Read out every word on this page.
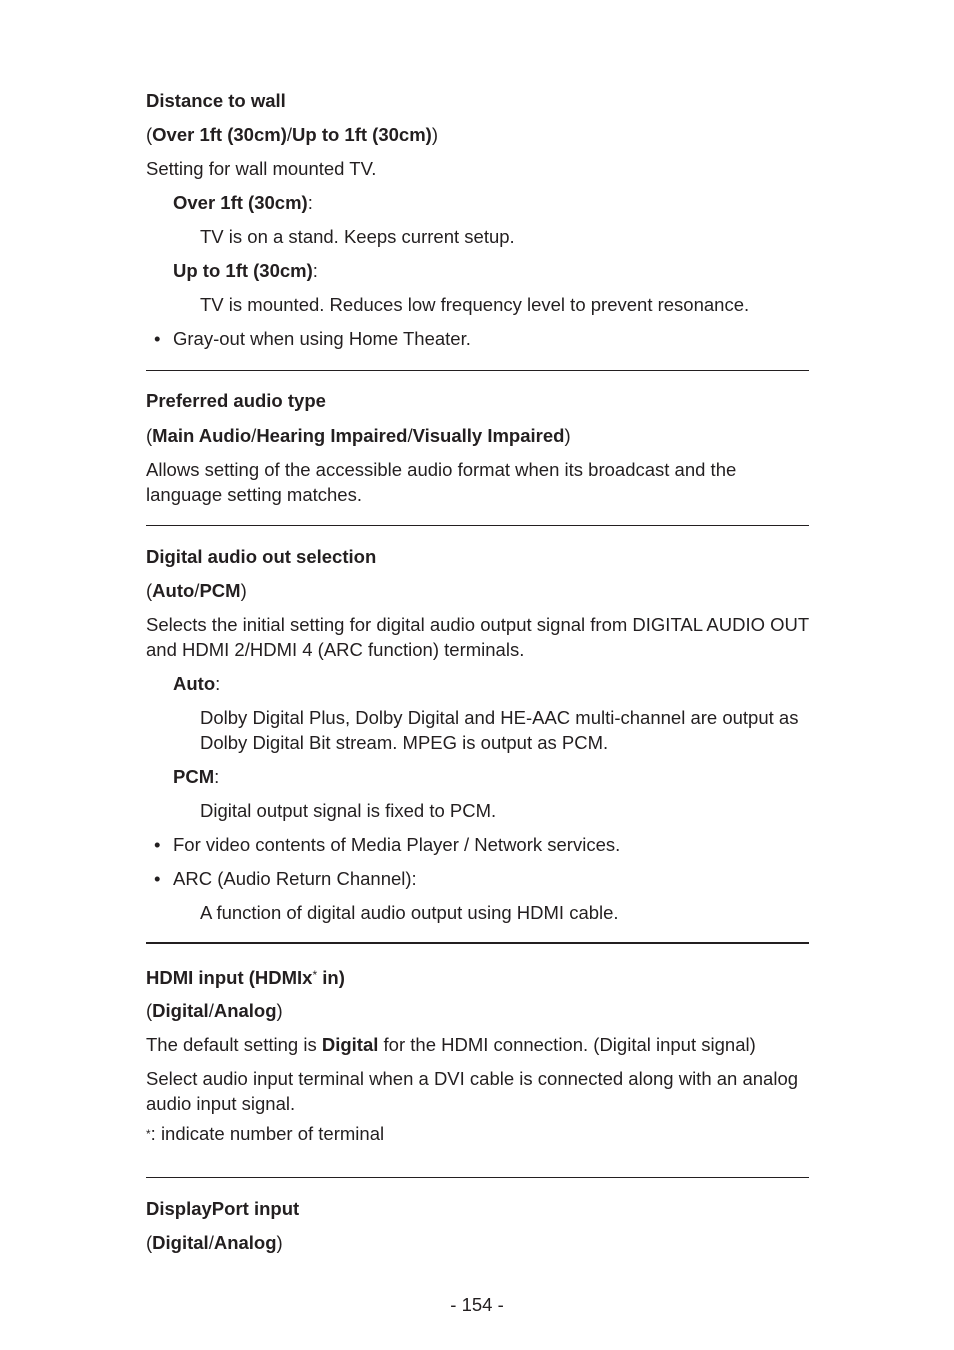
Distance to wall
(Over 1ft (30cm)/Up to 1ft (30cm))
Setting for wall mounted TV.
Over 1ft (30cm):
TV is on a stand. Keeps current setup.
Up to 1ft (30cm):
TV is mounted. Reduces low frequency level to prevent resonance.
• Gray-out when using Home Theater.
Preferred audio type
(Main Audio/Hearing Impaired/Visually Impaired)
Allows setting of the accessible audio format when its broadcast and the language setting matches.
Digital audio out selection
(Auto/PCM)
Selects the initial setting for digital audio output signal from DIGITAL AUDIO OUT and HDMI 2/HDMI 4 (ARC function) terminals.
Auto:
Dolby Digital Plus, Dolby Digital and HE-AAC multi-channel are output as Dolby Digital Bit stream. MPEG is output as PCM.
PCM:
Digital output signal is fixed to PCM.
• For video contents of Media Player / Network services.
• ARC (Audio Return Channel):
A function of digital audio output using HDMI cable.
HDMI input (HDMIx* in)
(Digital/Analog)
The default setting is Digital for the HDMI connection. (Digital input signal)
Select audio input terminal when a DVI cable is connected along with an analog audio input signal.
*: indicate number of terminal
DisplayPort input
(Digital/Analog)
- 154 -
